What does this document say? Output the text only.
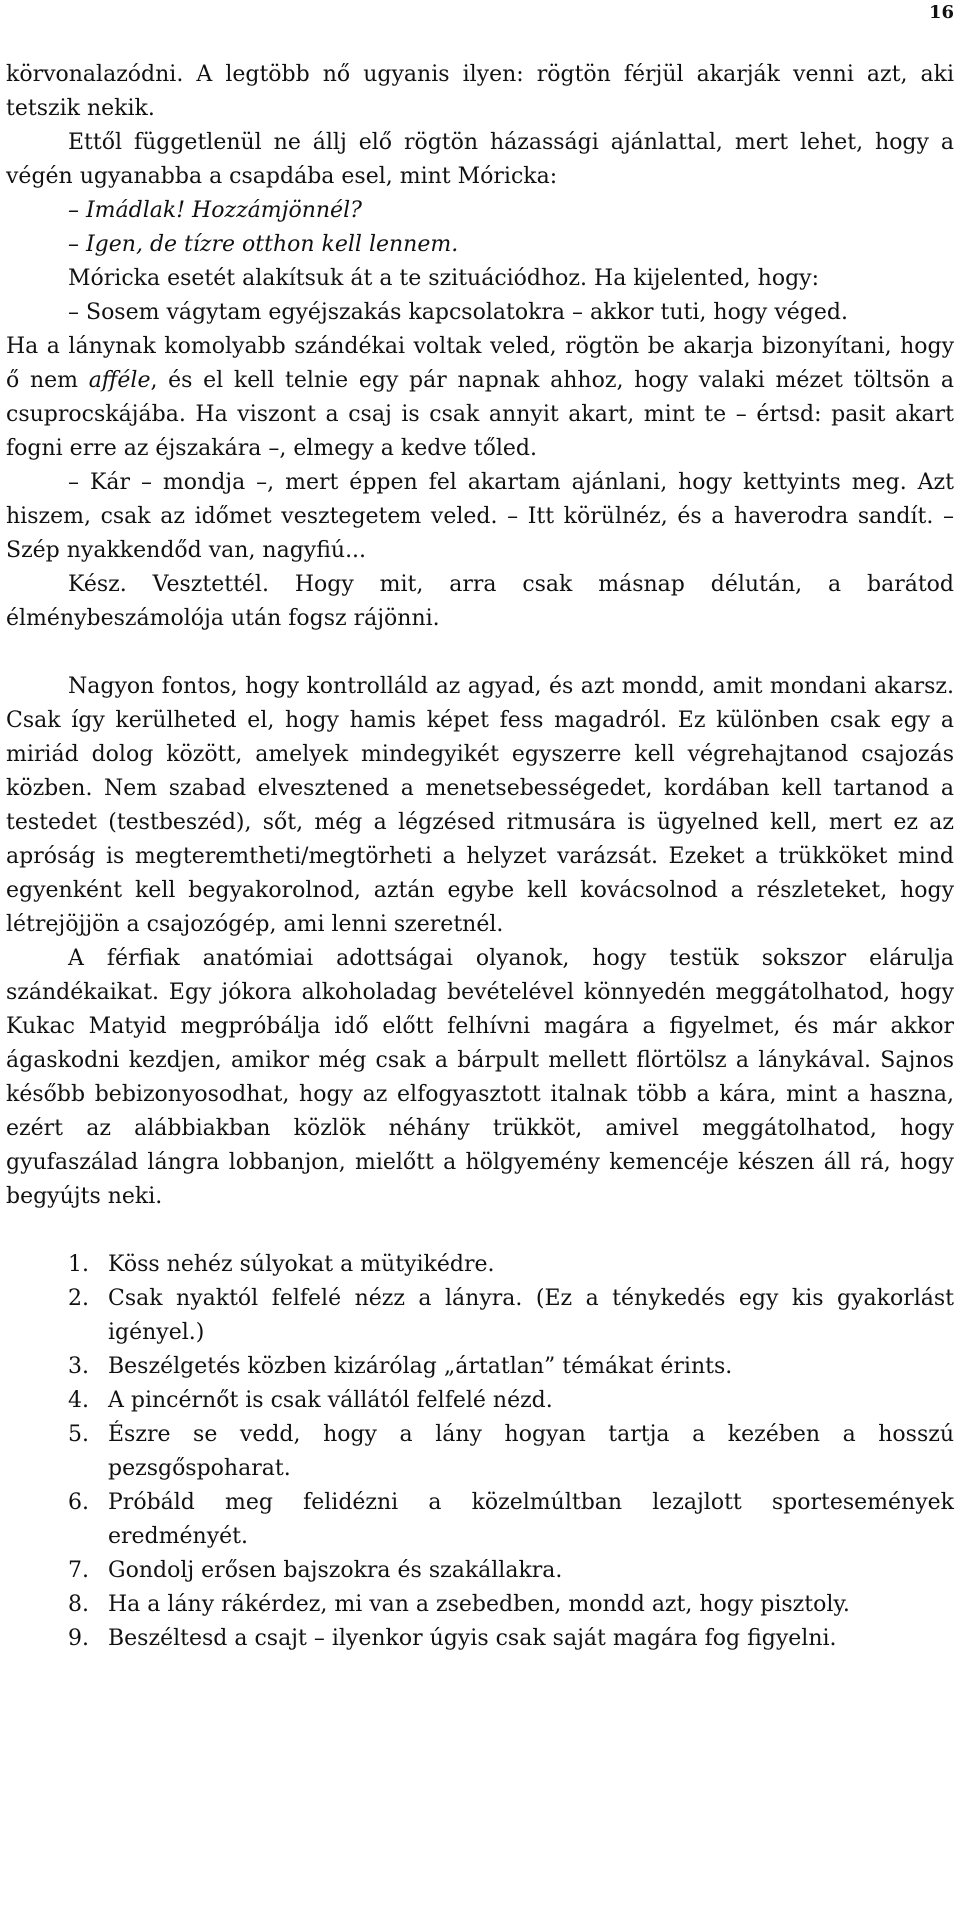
16

körvonalazódni. A legtöbb nő ugyanis ilyen: rögtön férjül akarják venni azt, aki tetszik nekik.

Ettől függetlenül ne állj elő rögtön házassági ajánlattal, mert lehet, hogy a végén ugyanabba a csapdába esel, mint Móricka:

– Imádlak! Hozzámjönnél?

– Igen, de tízre otthon kell lennem.

Móricka esetét alakítsuk át a te szituációdhoz. Ha kijelented, hogy:

– Sosem vágytam egyéjszakás kapcsolatokra – akkor tuti, hogy véged.

Ha a lánynak komolyabb szándékai voltak veled, rögtön be akarja bizonyítani, hogy ő nem afféle, és el kell telnie egy pár napnak ahhoz, hogy valaki mézet töltsön a csuprocskájába. Ha viszont a csaj is csak annyit akart, mint te – értsd: pasit akart fogni erre az éjszakára –, elmegy a kedve tőled.

– Kár – mondja –, mert éppen fel akartam ajánlani, hogy kettyints meg. Azt hiszem, csak az időmet vesztegetem veled. – Itt körülnéz, és a haverodra sandít. – Szép nyakkendőd van, nagyfiú...

Kész. Vesztettél. Hogy mit, arra csak másnap délután, a barátod élménybeszámolója után fogsz rájönni.

Nagyon fontos, hogy kontrolláld az agyad, és azt mondd, amit mondani akarsz. Csak így kerülheted el, hogy hamis képet fess magadról. Ez különben csak egy a miriád dolog között, amelyek mindegyikét egyszerre kell végrehajtanod csajozás közben. Nem szabad elvesztened a menetsebességedet, kordában kell tartanod a testedet (testbeszéd), sőt, még a légzésed ritmusára is ügyelned kell, mert ez az apróság is megteremtheti/megtörheti a helyzet varázsát. Ezeket a trükköket mind egyenként kell begyakorolnod, aztán egybe kell kovácsolnod a részleteket, hogy létrejöjjön a csajozógép, ami lenni szeretnél.

A férfiak anatómiai adottságai olyanok, hogy testük sokszor elárulja szándékaikat. Egy jókora alkoholadag bevételével könnyedén meggátolhatod, hogy Kukac Matyid megpróbálja idő előtt felhívni magára a figyelmet, és már akkor ágaskodni kezdjen, amikor még csak a bárpult mellett flörtölsz a lánykával. Sajnos később bebizonyosodhat, hogy az elfogyasztott italnak több a kára, mint a haszna, ezért az alábbiakban közlök néhány trükköt, amivel meggátolhatod, hogy gyufaszálad lángra lobbanjon, mielőtt a hölgyemény kemencéje készen áll rá, hogy begyújts neki.

1. Köss nehéz súlyokat a mütyikédre.
2. Csak nyaktól felfelé nézz a lányra. (Ez a ténykedés egy kis gyakorlást igényel.)
3. Beszélgetés közben kizárólag „ártatlan” témákat érints.
4. A pincérnőt is csak vállától felfelé nézd.
5. Észre se vedd, hogy a lány hogyan tartja a kezében a hosszú pezsgőspoharat.
6. Próbáld meg felidézni a közelmúltban lezajlott sportesemények eredményét.
7. Gondolj erősen bajszokra és szakállakra.
8. Ha a lány rákérdez, mi van a zsebedben, mondd azt, hogy pisztoly.
9. Beszéltesd a csajt – ilyenkor úgyis csak saját magára fog figyelni.
